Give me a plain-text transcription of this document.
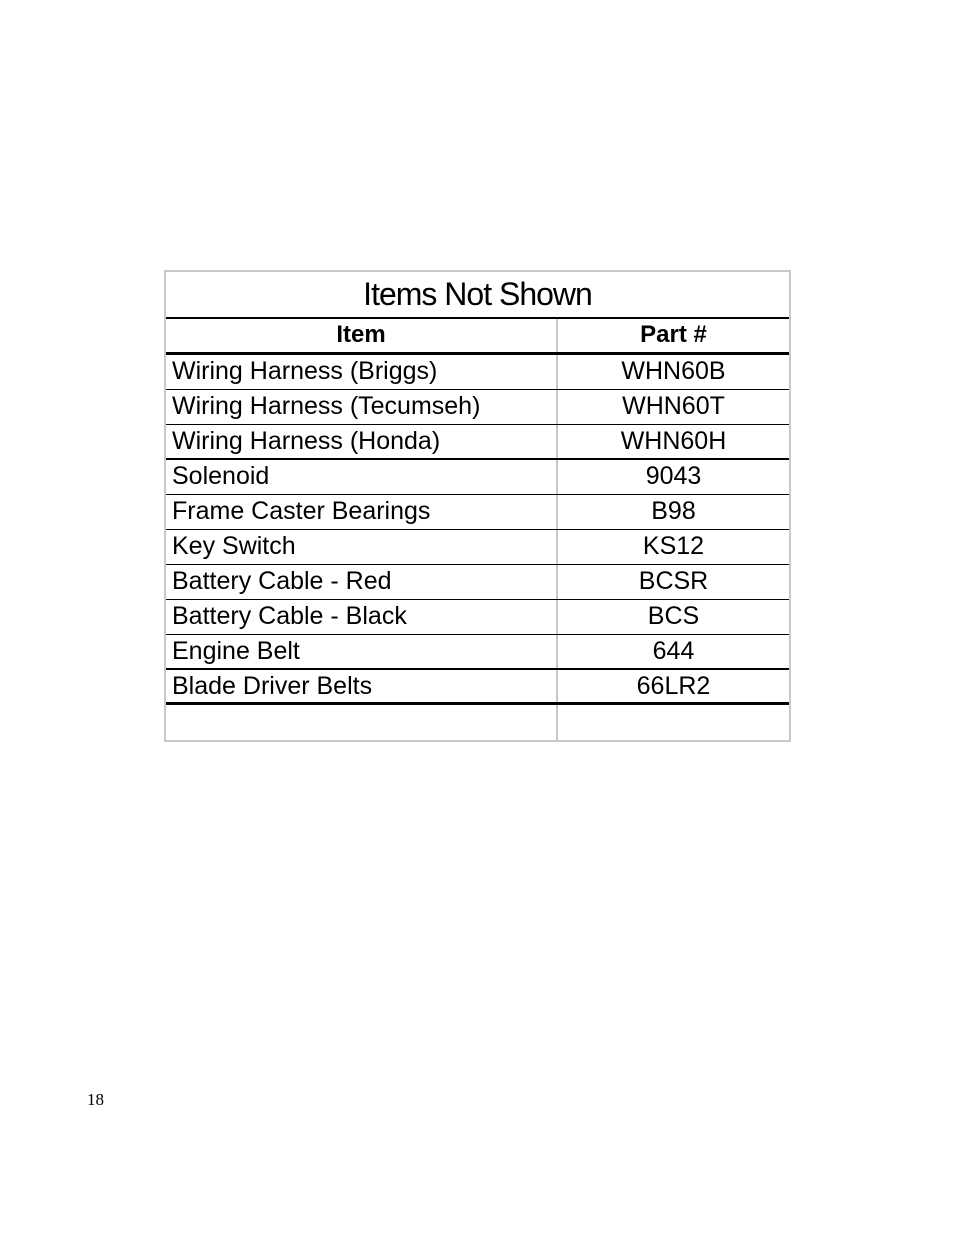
Items Not Shown
Item	Part #
Wiring Harness (Briggs)	WHN60B
Wiring Harness (Tecumseh)	WHN60T
Wiring Harness (Honda)	WHN60H
Solenoid	9043
Frame Caster Bearings	B98
Key Switch	KS12
Battery Cable - Red	BCSR
Battery Cable - Black	BCS
Engine Belt	644
Blade Driver Belts	66LR2
18
